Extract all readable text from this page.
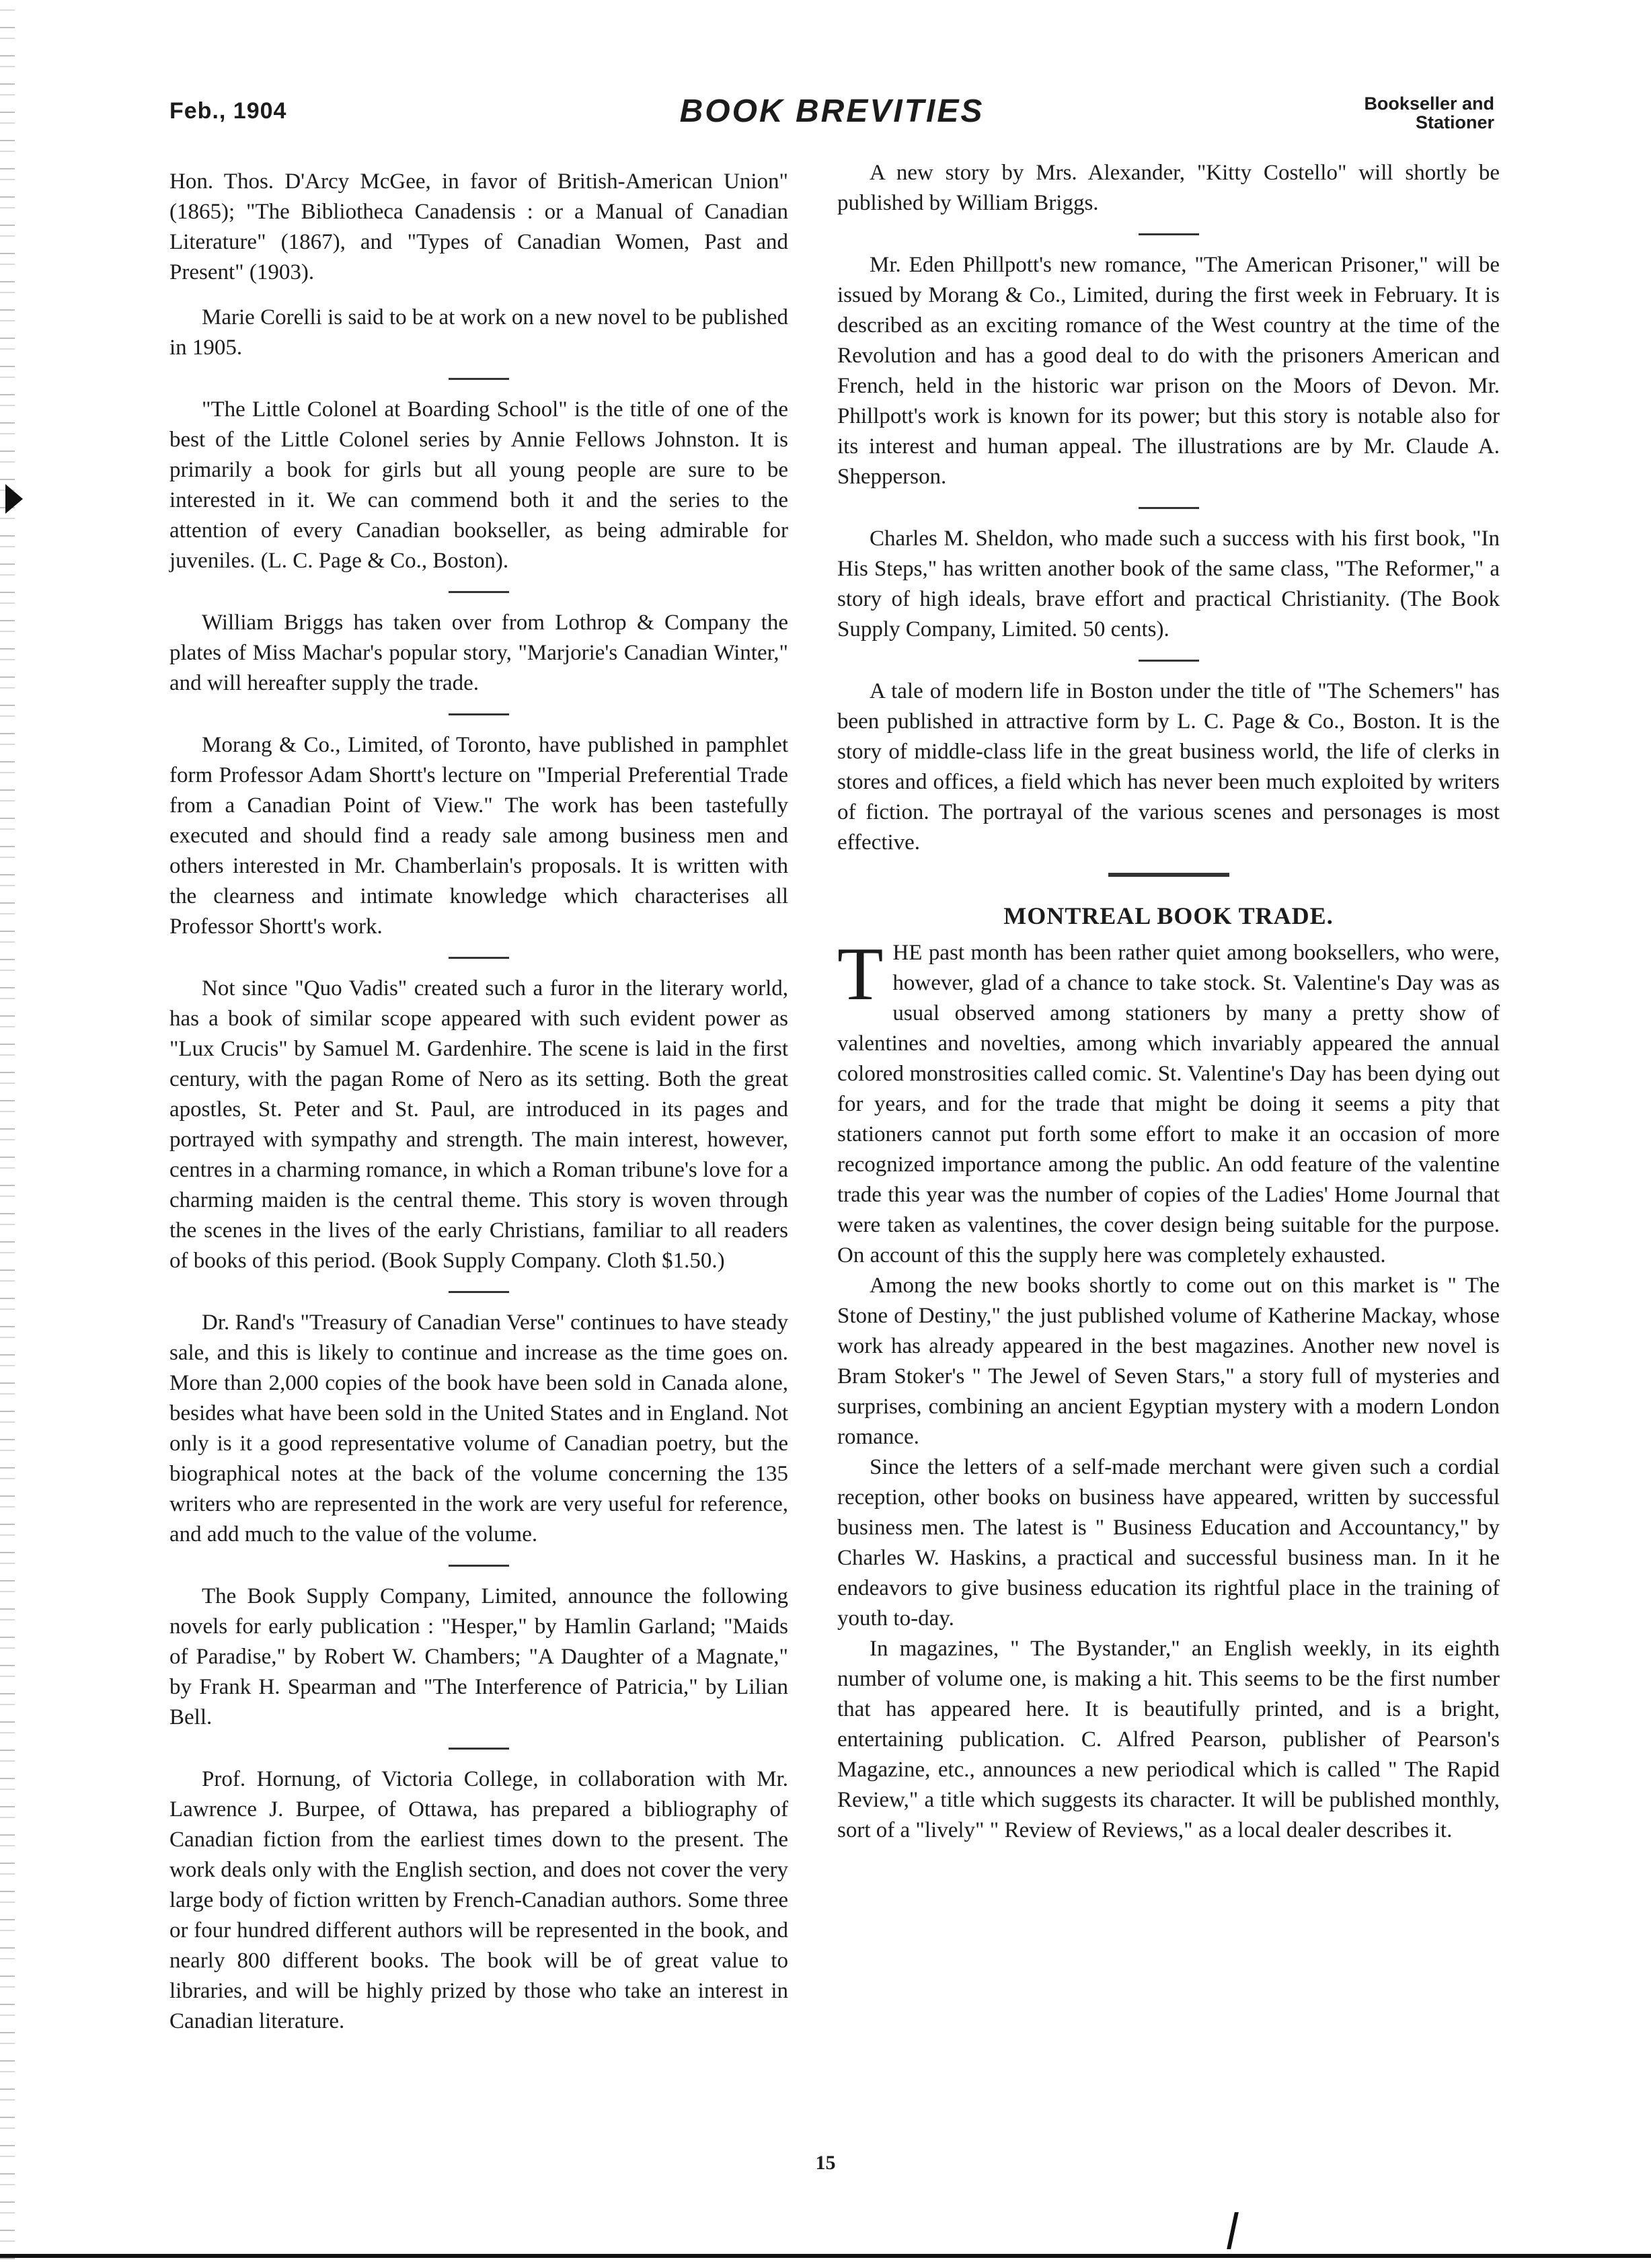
Feb., 1904	BOOK BREVITIES	Bookseller and
Stationer

Hon. Thos. D'Arcy McGee, in favor of British-American Union" (1865); "The Bibliotheca Canadensis : or a Manual of Canadian Literature" (1867), and "Types of Canadian Women, Past and Present" (1903).

Marie Corelli is said to be at work on a new novel to be published in 1905.

"The Little Colonel at Boarding School" is the title of one of the best of the Little Colonel series by Annie Fellows Johnston. It is primarily a book for girls but all young people are sure to be interested in it. We can commend both it and the series to the attention of every Canadian bookseller, as being admirable for juveniles. (L. C. Page & Co., Boston).

William Briggs has taken over from Lothrop & Company the plates of Miss Machar's popular story, "Marjorie's Canadian Winter," and will hereafter supply the trade.

Morang & Co., Limited, of Toronto, have published in pamphlet form Professor Adam Shortt's lecture on "Imperial Preferential Trade from a Canadian Point of View." The work has been tastefully executed and should find a ready sale among business men and others interested in Mr. Chamberlain's proposals. It is written with the clearness and intimate knowledge which characterises all Professor Shortt's work.

Not since "Quo Vadis" created such a furor in the literary world, has a book of similar scope appeared with such evident power as "Lux Crucis" by Samuel M. Gardenhire. The scene is laid in the first century, with the pagan Rome of Nero as its setting. Both the great apostles, St. Peter and St. Paul, are introduced in its pages and portrayed with sympathy and strength. The main interest, however, centres in a charming romance, in which a Roman tribune's love for a charming maiden is the central theme. This story is woven through the scenes in the lives of the early Christians, familiar to all readers of books of this period. (Book Supply Company. Cloth $1.50.)

Dr. Rand's "Treasury of Canadian Verse" continues to have steady sale, and this is likely to continue and increase as the time goes on. More than 2,000 copies of the book have been sold in Canada alone, besides what have been sold in the United States and in England. Not only is it a good representative volume of Canadian poetry, but the biographical notes at the back of the volume concerning the 135 writers who are represented in the work are very useful for reference, and add much to the value of the volume.

The Book Supply Company, Limited, announce the following novels for early publication : "Hesper," by Hamlin Garland; "Maids of Paradise," by Robert W. Chambers; "A Daughter of a Magnate," by Frank H. Spearman and "The Interference of Patricia," by Lilian Bell.

Prof. Hornung, of Victoria College, in collaboration with Mr. Lawrence J. Burpee, of Ottawa, has prepared a bibliography of Canadian fiction from the earliest times down to the present. The work deals only with the English section, and does not cover the very large body of fiction written by French-Canadian authors. Some three or four hundred different authors will be represented in the book, and nearly 800 different books. The book will be of great value to libraries, and will be highly prized by those who take an interest in Canadian literature.

A new story by Mrs. Alexander, "Kitty Costello" will shortly be published by William Briggs.

Mr. Eden Phillpott's new romance, "The American Prisoner," will be issued by Morang & Co., Limited, during the first week in February. It is described as an exciting romance of the West country at the time of the Revolution and has a good deal to do with the prisoners American and French, held in the historic war prison on the Moors of Devon. Mr. Phillpott's work is known for its power; but this story is notable also for its interest and human appeal. The illustrations are by Mr. Claude A. Shepperson.

Charles M. Sheldon, who made such a success with his first book, "In His Steps," has written another book of the same class, "The Reformer," a story of high ideals, brave effort and practical Christianity. (The Book Supply Company, Limited. 50 cents).

A tale of modern life in Boston under the title of "The Schemers" has been published in attractive form by L. C. Page & Co., Boston. It is the story of middle-class life in the great business world, the life of clerks in stores and offices, a field which has never been much exploited by writers of fiction. The portrayal of the various scenes and personages is most effective.

MONTREAL BOOK TRADE.

THE past month has been rather quiet among booksellers, who were, however, glad of a chance to take stock. St. Valentine's Day was as usual observed among stationers by many a pretty show of valentines and novelties, among which invariably appeared the annual colored monstrosities called comic. St. Valentine's Day has been dying out for years, and for the trade that might be doing it seems a pity that stationers cannot put forth some effort to make it an occasion of more recognized importance among the public. An odd feature of the valentine trade this year was the number of copies of the Ladies' Home Journal that were taken as valentines, the cover design being suitable for the purpose. On account of this the supply here was completely exhausted.

Among the new books shortly to come out on this market is " The Stone of Destiny," the just published volume of Katherine Mackay, whose work has already appeared in the best magazines. Another new novel is Bram Stoker's " The Jewel of Seven Stars," a story full of mysteries and surprises, combining an ancient Egyptian mystery with a modern London romance.

Since the letters of a self-made merchant were given such a cordial reception, other books on business have appeared, written by successful business men. The latest is " Business Education and Accountancy," by Charles W. Haskins, a practical and successful business man. In it he endeavors to give business education its rightful place in the training of youth to-day.

In magazines, " The Bystander," an English weekly, in its eighth number of volume one, is making a hit. This seems to be the first number that has appeared here. It is beautifully printed, and is a bright, entertaining publication. C. Alfred Pearson, publisher of Pearson's Magazine, etc., announces a new periodical which is called " The Rapid Review," a title which suggests its character. It will be published monthly, sort of a "lively" " Review of Reviews," as a local dealer describes it.

15
